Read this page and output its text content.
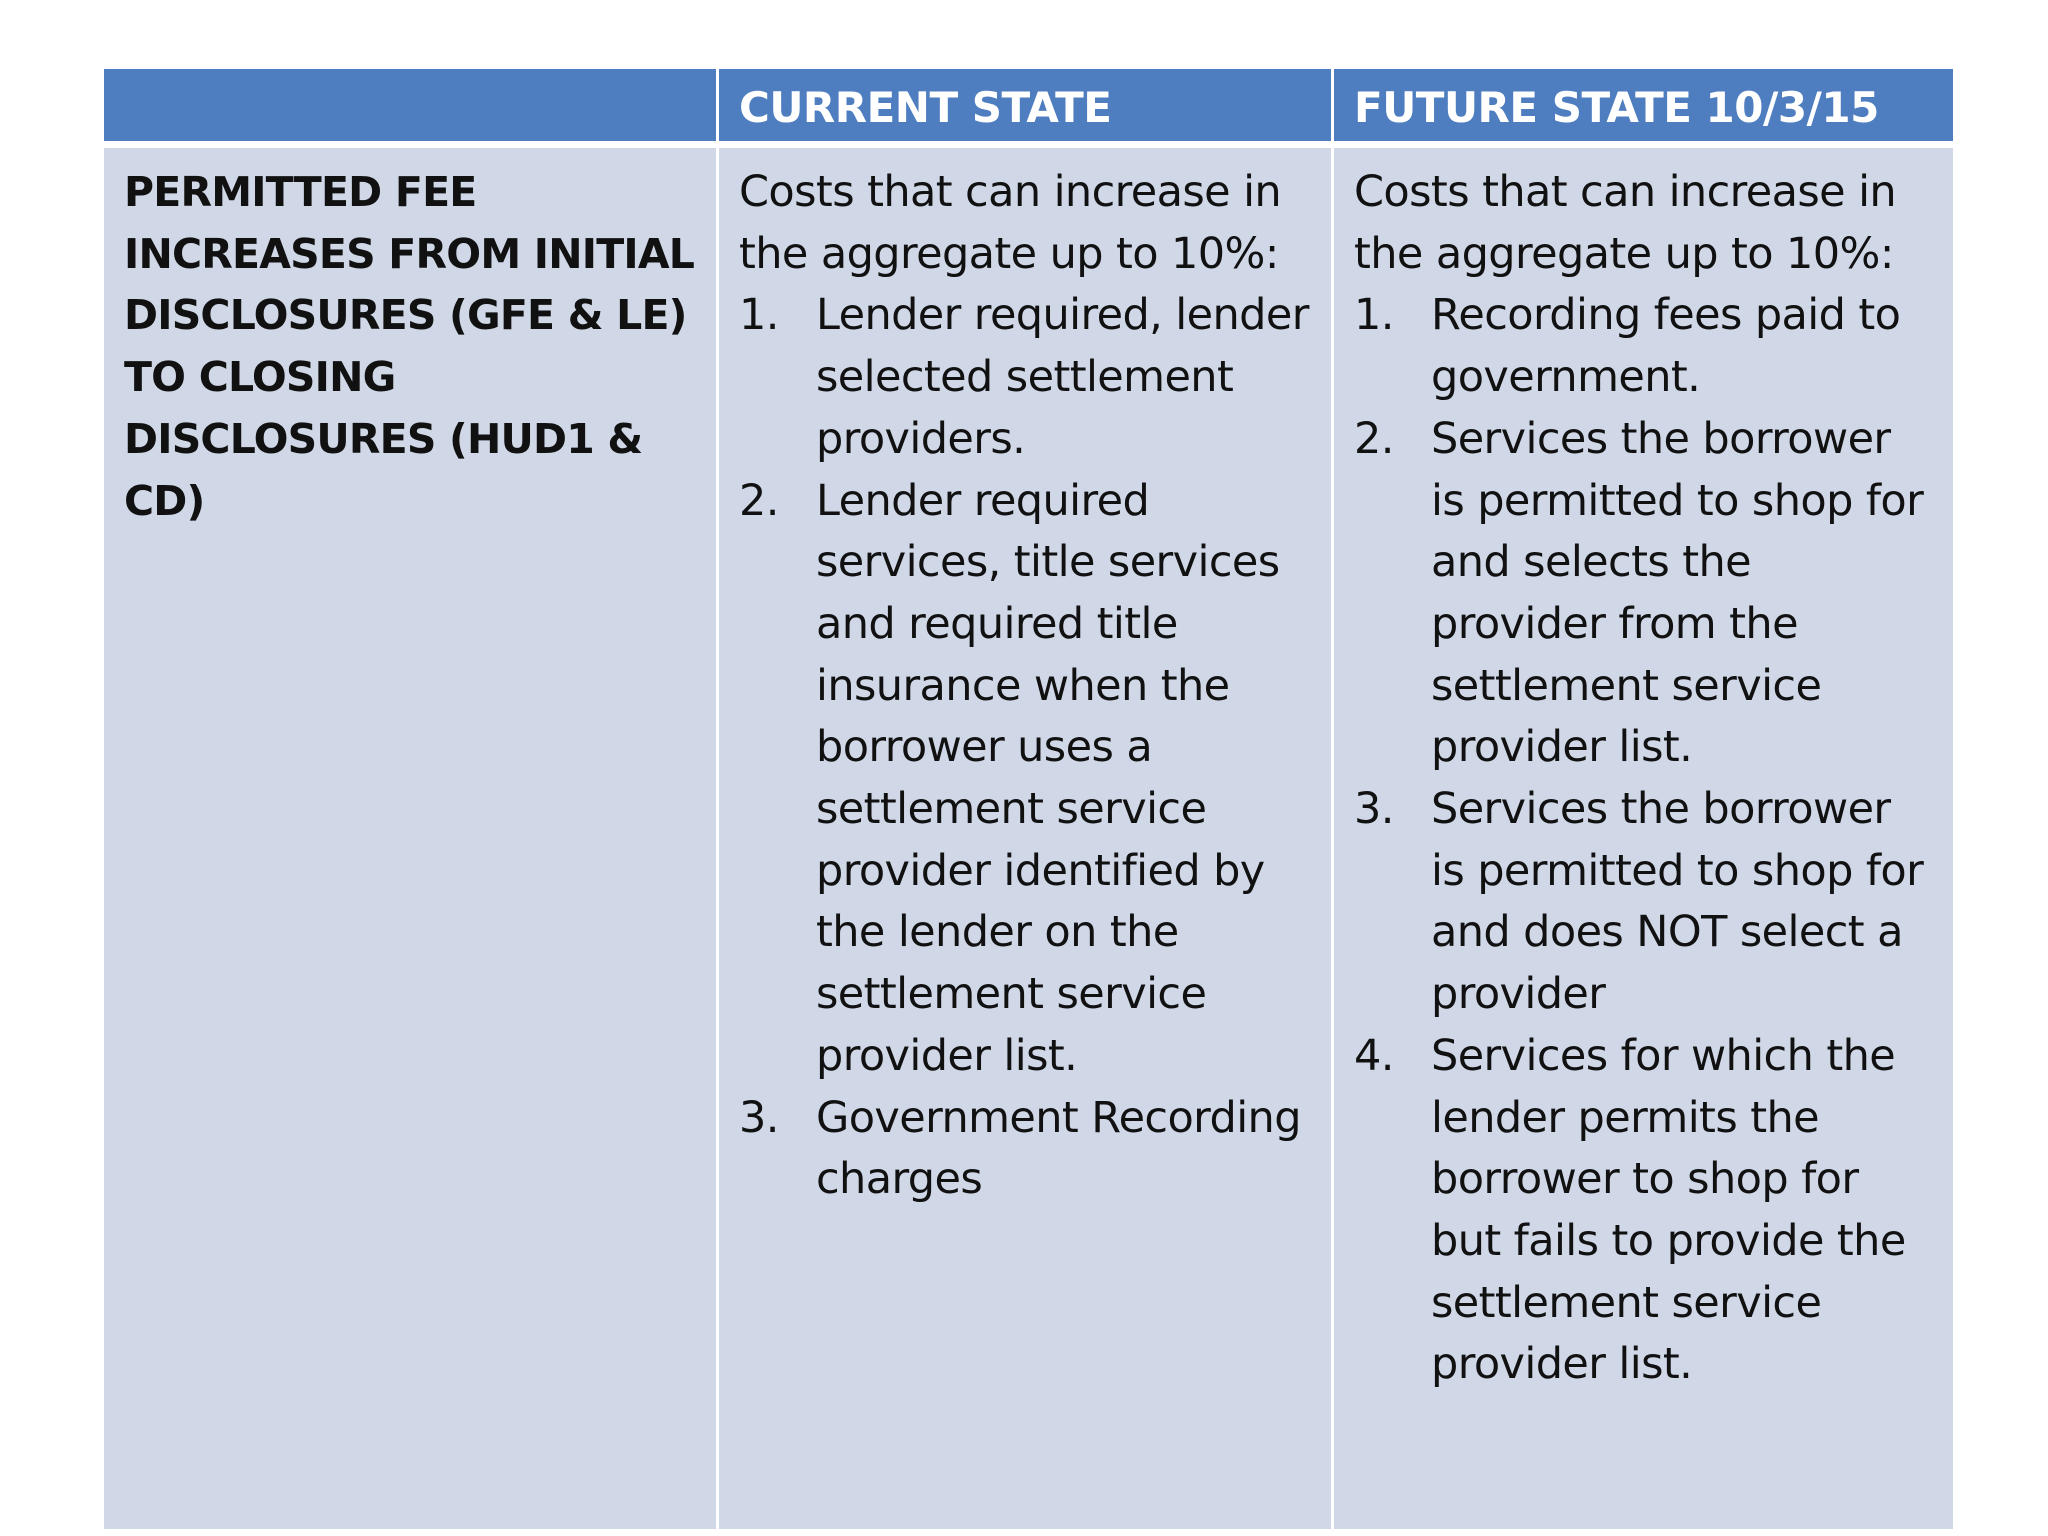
CURRENT STATE	FUTURE STATE 10/3/15
PERMITTED FEE INCREASES FROM INITIAL DISCLOSURES (GFE & LE) TO CLOSING DISCLOSURES (HUD1 & CD)
Costs that can increase in the aggregate up to 10%:
1. Lender required, lender selected settlement providers.
2. Lender required services, title services and required title insurance when the borrower uses a settlement service provider identified by the lender on the settlement service provider list.
3. Government Recording charges
Costs that can increase in the aggregate up to 10%:
1. Recording fees paid to government.
2. Services the borrower is permitted to shop for and selects the provider from the settlement service provider list.
3. Services the borrower is permitted to shop for and does NOT select a provider
4. Services for which the lender permits the borrower to shop for but fails to provide the settlement service provider list.
